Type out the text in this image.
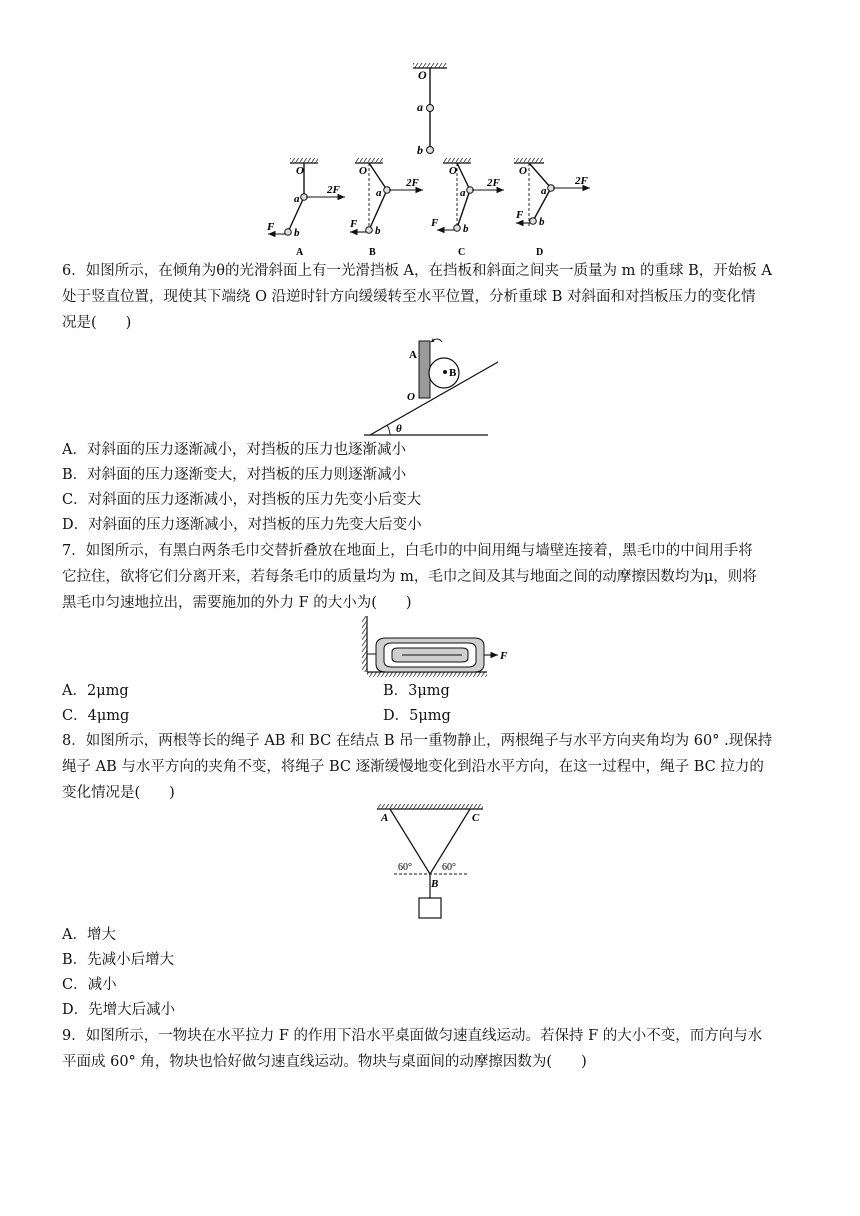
O
a
b
O
a
b
2F
F
A
O
a
b
2F
F
B
O
a
b
2F
F
C
O
a
b
2F
F
D
6．如图所示，在倾角为θ的光滑斜面上有一光滑挡板 A，在挡板和斜面之间夹一质量为 m 的重球 B，开始板 A
处于竖直位置，现使其下端绕 O 沿逆时针方向缓缓转至水平位置，分析重球 B 对斜面和对挡板压力的变化情
况是(　　)
A
B
O
θ
A．对斜面的压力逐渐减小，对挡板的压力也逐渐减小
B．对斜面的压力逐渐变大，对挡板的压力则逐渐减小
C．对斜面的压力逐渐减小，对挡板的压力先变小后变大
D．对斜面的压力逐渐减小，对挡板的压力先变大后变小
7．如图所示，有黑白两条毛巾交替折叠放在地面上，白毛巾的中间用绳与墙壁连接着，黑毛巾的中间用手将
它拉住，欲将它们分离开来，若每条毛巾的质量均为 m，毛巾之间及其与地面之间的动摩擦因数均为μ，则将
黑毛巾匀速地拉出，需要施加的外力 F 的大小为(　　)
F
A．2μmg	B．3μmg
C．4μmg	D．5μmg
8．如图所示，两根等长的绳子 AB 和 BC 在结点 B 吊一重物静止，两根绳子与水平方向夹角均为 60° .现保持
绳子 AB 与水平方向的夹角不变，将绳子 BC 逐渐缓慢地变化到沿水平方向，在这一过程中，绳子 BC 拉力的
变化情况是(　　)
A	C
B
60°	60°
A．增大
B．先减小后增大
C．减小
D．先增大后减小
9．如图所示，一物块在水平拉力 F 的作用下沿水平桌面做匀速直线运动。若保持 F 的大小不变，而方向与水
平面成 60° 角，物块也恰好做匀速直线运动。物块与桌面间的动摩擦因数为(　　)
